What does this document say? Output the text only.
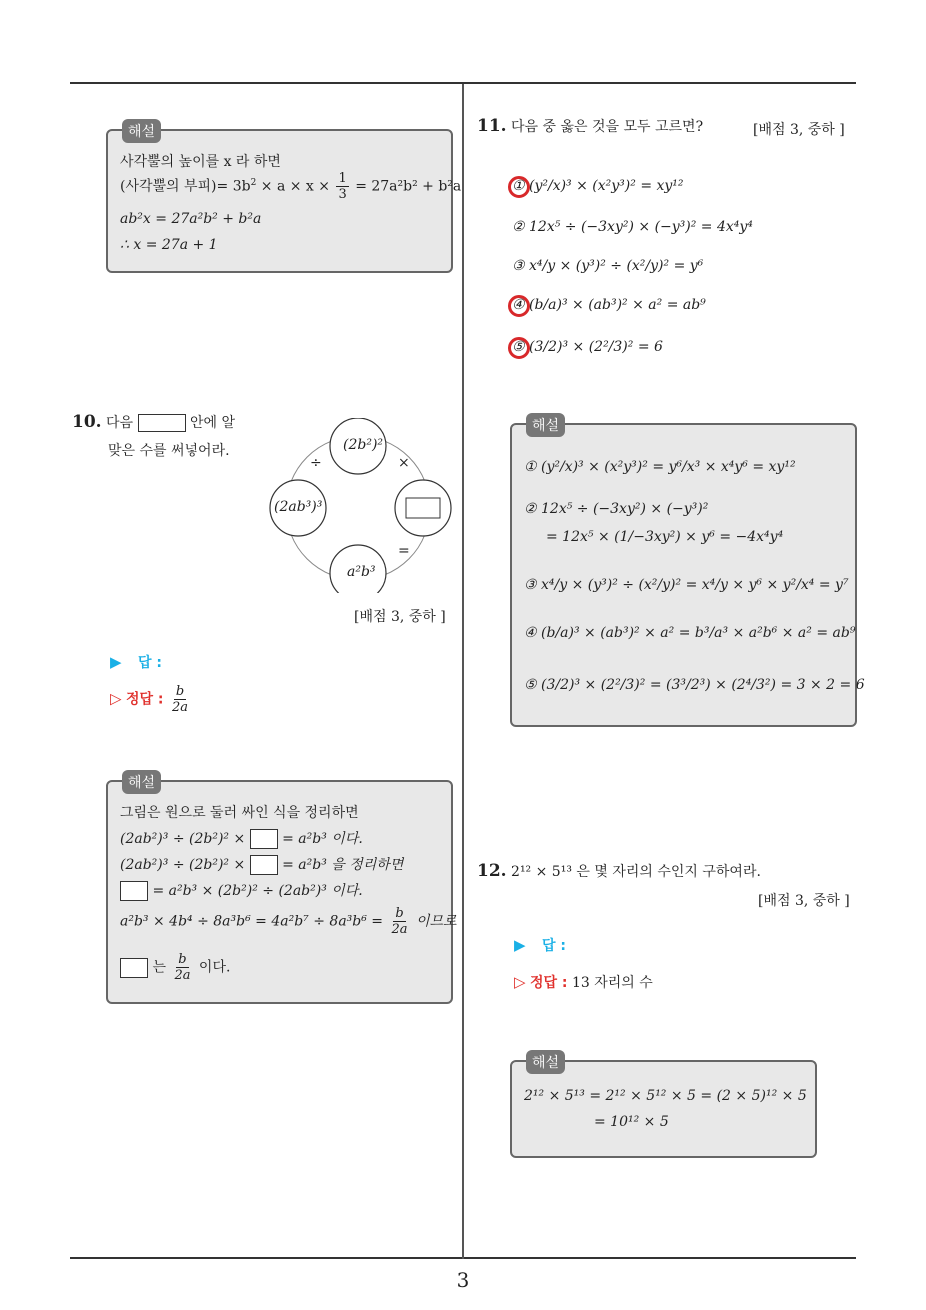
해설
사각뿔의 높이를 x 라 하면
(사각뿔의 부피)= $3b^2 \times a \times x \times \frac{1}{3} = 27a^2b^2 + b^2a$
ab²x = 27a²b² + b²a
∴ x = 27a + 1
10. 다음	안에 알
맞은 수를 써넣어라.	(2b²)²
(2ab³)³
a²b³
÷	×
=
[배점 3, 중하 ]
▶ 답 :
▷ 정답 : $\frac{b}{2a}$
해설
그림은 원으로 둘러 싸인 식을 정리하면
(2ab²)³ ÷ (2b²)² ×	= a²b³ 이다.
(2ab²)³ ÷ (2b²)² ×	= a²b³ 을 정리하면
= a²b³ × (2b²)² ÷ (2ab²)³ 이다.
$a^2b^3 \times 4b^4 \div 8a^3b^6 = 4a^2b^7 \div 8a^3b^6 = \frac{b}{2a}$ 이므로
는 $\frac{b}{2a}$ 이다.
11. 다음 중 옳은 것을 모두 고르면?	[배점 3, 중하 ]
① (y²/x)³ × (x²y³)² = xy¹²
② 12x⁵ ÷ (−3xy²) × (−y³)² = 4x⁴y⁴
③ x⁴/y × (y³)² ÷ (x²/y)² = y⁶
④ (b/a)³ × (ab³)² × a² = ab⁹
⑤ (3/2)³ × (2²/3)² = 6
해설
① (y²/x)³ × (x²y³)² = y⁶/x³ × x⁴y⁶ = xy¹²
② 12x⁵ ÷ (−3xy²) × (−y³)²
= 12x⁵ × (1/−3xy²) × y⁶ = −4x⁴y⁴
③ x⁴/y × (y³)² ÷ (x²/y)² = x⁴/y × y⁶ × y²/x⁴ = y⁷
④ (b/a)³ × (ab³)² × a² = b³/a³ × a²b⁶ × a² = ab⁹
⑤ (3/2)³ × (2²/3)² = (3³/2³) × (2⁴/3²) = 3 × 2 = 6
12. 2¹² × 5¹³ 은 몇 자리의 수인지 구하여라.
[배점 3, 중하 ]
▶ 답 :
▷ 정답 : 13 자리의 수
해설
2¹² × 5¹³ = 2¹² × 5¹² × 5 = (2 × 5)¹² × 5
= 10¹² × 5
3
